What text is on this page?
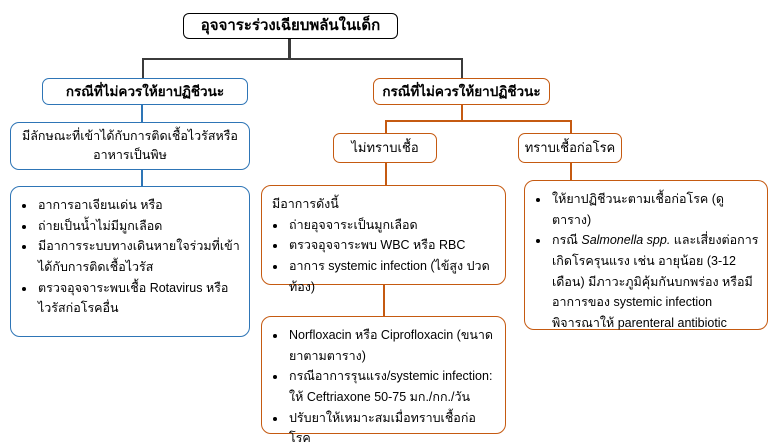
อุจจาระร่วงเฉียบพลันในเด็ก
กรณีที่ไม่ควรให้ยาปฏิชีวนะ	กรณีที่ไม่ควรให้ยาปฏิชีวนะ
มีลักษณะที่เข้าได้กับการติดเชื้อไวรัสหรืออาหารเป็นพิษ
• อาการอาเจียนเด่น หรือ
• ถ่ายเป็นน้ำไม่มีมูกเลือด
• มีอาการระบบทางเดินหายใจร่วมที่เข้าได้กับการติดเชื้อไวรัส
• ตรวจอุจจาระพบเชื้อ Rotavirus หรือไวรัสก่อโรคอื่น
ไม่ทราบเชื้อ	ทราบเชื้อก่อโรค
มีอาการดังนี้
• ถ่ายอุจจาระเป็นมูกเลือด
• ตรวจอุจจาระพบ WBC หรือ RBC
• อาการ systemic infection (ไข้สูง ปวดท้อง)
• Norfloxacin หรือ Ciprofloxacin (ขนาดยาตามตาราง)
• กรณีอาการรุนแรง/systemic infection: ให้ Ceftriaxone 50-75 มก./กก./วัน
• ปรับยาให้เหมาะสมเมื่อทราบเชื้อก่อโรค
• ให้ยาปฏิชีวนะตามเชื้อก่อโรค (ดูตาราง)
• กรณี Salmonella spp. และเสี่ยงต่อการเกิดโรครุนแรง เช่น อายุน้อย (3-12 เดือน) มีภาวะภูมิคุ้มกันบกพร่อง หรือมีอาการของ systemic infection พิจารณาให้ parenteral antibiotic
